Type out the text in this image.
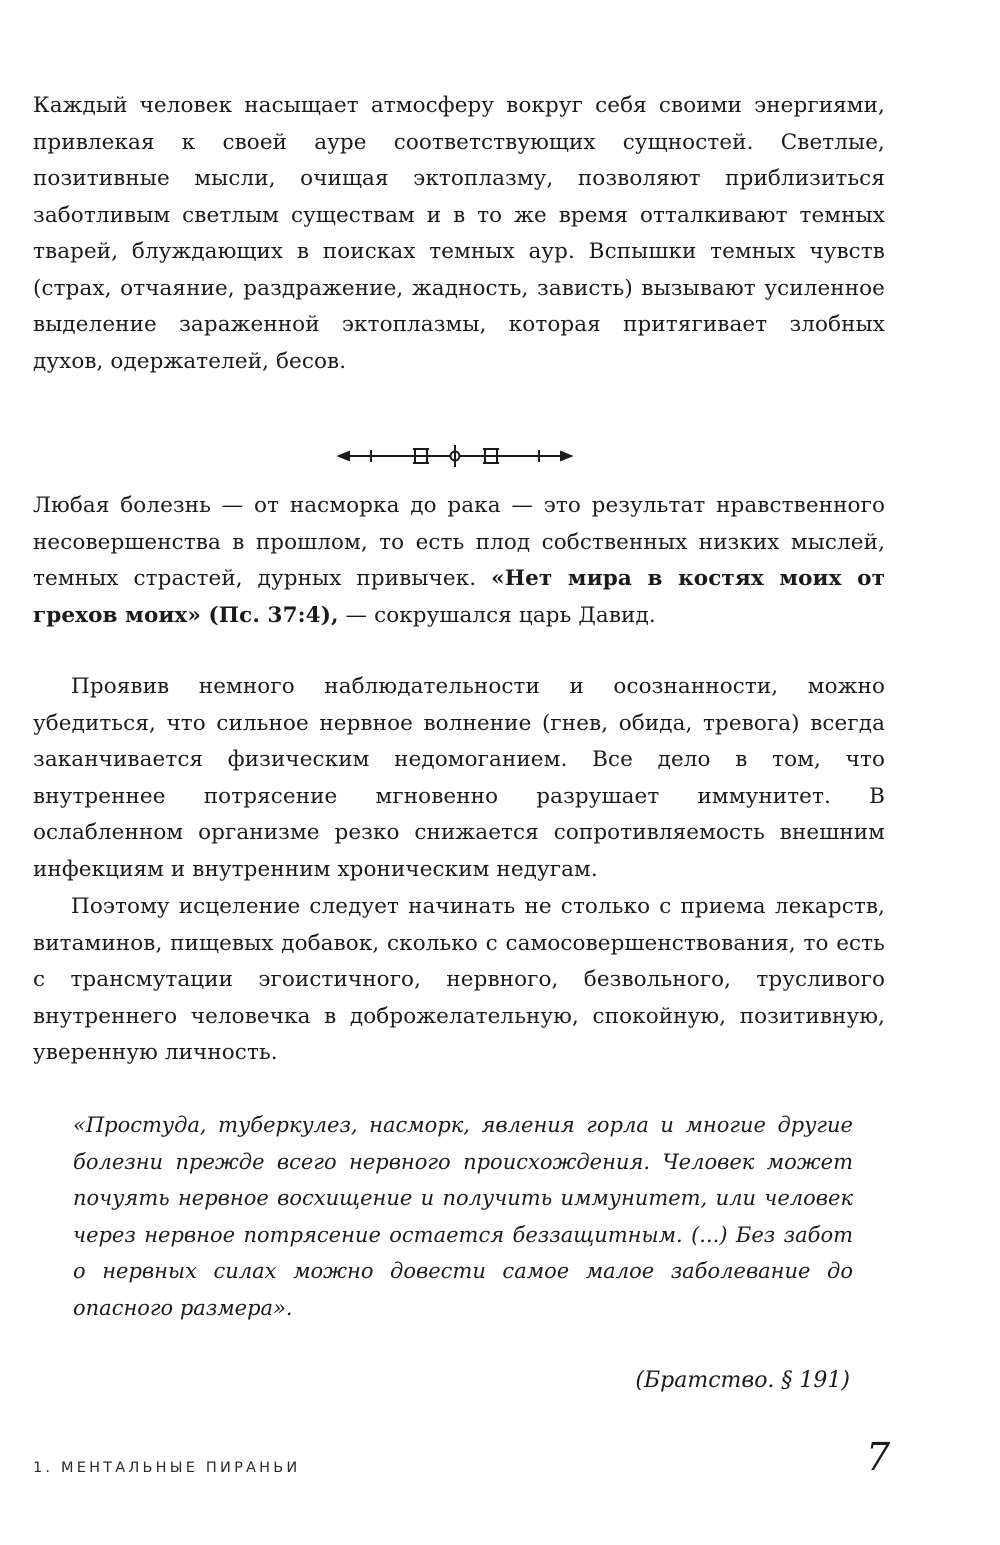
Каждый человек насыщает атмосферу вокруг себя своими энергиями, привлекая к своей ауре соответствующих сущностей. Светлые, позитивные мысли, очищая эктоплазму, позволяют приблизиться заботливым светлым существам и в то же время отталкивают темных тварей, блуждающих в поисках темных аур. Вспышки темных чувств (страх, отчаяние, раздражение, жадность, зависть) вызывают усиленное выделение зараженной эктоплазмы, которая притягивает злобных духов, одержателей, бесов.

Любая болезнь — от насморка до рака — это результат нравственного несовершенства в прошлом, то есть плод собственных низких мыслей, темных страстей, дурных привычек. «Нет мира в костях моих от грехов моих» (Пс. 37:4), — сокрушался царь Давид.

Проявив немного наблюдательности и осознанности, можно убедиться, что сильное нервное волнение (гнев, обида, тревога) всегда заканчивается физическим недомоганием. Все дело в том, что внутреннее потрясение мгновенно разрушает иммунитет. В ослабленном организме резко снижается сопротивляемость внешним инфекциям и внутренним хроническим недугам.

Поэтому исцеление следует начинать не столько с приема лекарств, витаминов, пищевых добавок, сколько с самосовершенствования, то есть с трансмутации эгоистичного, нервного, безвольного, трусливого внутреннего человечка в доброжелательную, спокойную, позитивную, уверенную личность.

«Простуда, туберкулез, насморк, явления горла и многие другие болезни прежде всего нервного происхождения. Человек может почуять нервное восхищение и получить иммунитет, или человек через нервное потрясение остается беззащитным. (...) Без забот о нервных силах можно довести самое малое заболевание до опасного размера».
(Братство. § 191)
1. МЕНТАЛЬНЫЕ ПИРАНЬИ	7
